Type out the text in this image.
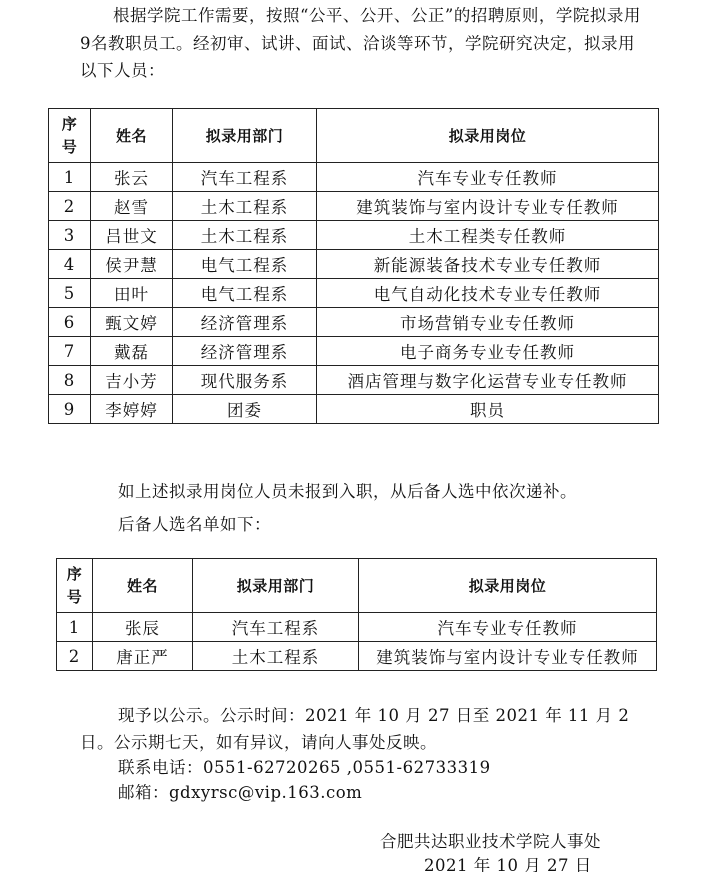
根据学院工作需要，按照“公平、公开、公正”的招聘原则，学院拟录用9名教职员工。经初审、试讲、面试、洽谈等环节，学院研究决定，拟录用以下人员：

序
号	姓名	拟录用部门	拟录用岗位
1	张云	汽车工程系	汽车专业专任教师
2	赵雪	土木工程系	建筑装饰与室内设计专业专任教师
3	吕世文	土木工程系	土木工程类专任教师
4	侯尹慧	电气工程系	新能源装备技术专业专任教师
5	田叶	电气工程系	电气自动化技术专业专任教师
6	甄文婷	经济管理系	市场营销专业专任教师
7	戴磊	经济管理系	电子商务专业专任教师
8	吉小芳	现代服务系	酒店管理与数字化运营专业专任教师
9	李婷婷	团委	职员
如上述拟录用岗位人员未报到入职，从后备人选中依次递补。
后备人选名单如下：
序
号	姓名	拟录用部门	拟录用岗位
1	张辰	汽车工程系	汽车专业专任教师
2	唐正严	土木工程系	建筑装饰与室内设计专业专任教师
现予以公示。公示时间：2021 年 10 月 27 日至 2021 年 11 月 2
日。公示期七天，如有异议，请向人事处反映。
联系电话：0551-62720265 ,0551-62733319
邮箱：gdxyrsc@vip.163.com
合肥共达职业技术学院人事处
2021 年 10 月 27 日
